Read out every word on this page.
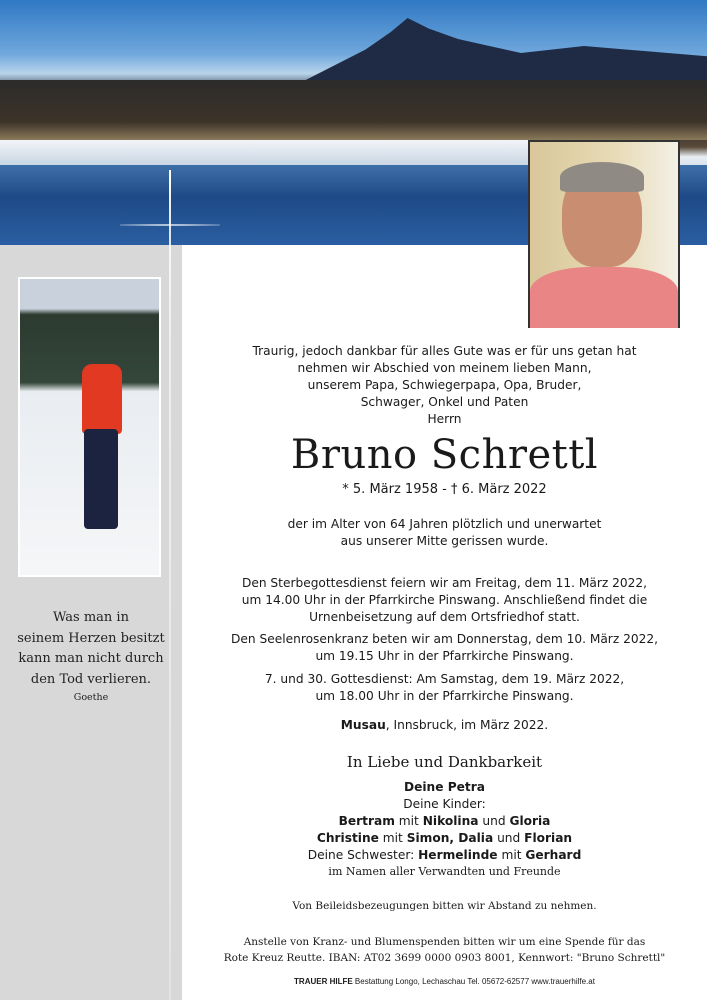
Was man in
seinem Herzen besitzt
kann man nicht durch
den Tod verlieren.
Goethe
Traurig, jedoch dankbar für alles Gute was er für uns getan hat
nehmen wir Abschied von meinem lieben Mann,
unserem Papa, Schwiegerpapa, Opa, Bruder,
Schwager, Onkel und Paten
Herrn
Bruno Schrettl
* 5. März 1958 - † 6. März 2022
der im Alter von 64 Jahren plötzlich und unerwartet
aus unserer Mitte gerissen wurde.
Den Sterbegottesdienst feiern wir am Freitag, dem 11. März 2022,
um 14.00 Uhr in der Pfarrkirche Pinswang. Anschließend findet die
Urnenbeisetzung auf dem Ortsfriedhof statt.
Den Seelenrosenkranz beten wir am Donnerstag, dem 10. März 2022,
um 19.15 Uhr in der Pfarrkirche Pinswang.
7. und 30. Gottesdienst: Am Samstag, dem 19. März 2022,
um 18.00 Uhr in der Pfarrkirche Pinswang.
Musau, Innsbruck, im März 2022.
In Liebe und Dankbarkeit
Deine Petra
Deine Kinder:
Bertram mit Nikolina und Gloria
Christine mit Simon, Dalia und Florian
Deine Schwester: Hermelinde mit Gerhard
im Namen aller Verwandten und Freunde
Von Beileidsbezeugungen bitten wir Abstand zu nehmen.
Anstelle von Kranz- und Blumenspenden bitten wir um eine Spende für das
Rote Kreuz Reutte. IBAN: AT02 3699 0000 0903 8001, Kennwort: "Bruno Schrettl"
TRAUER HILFE Bestattung Longo, Lechaschau Tel. 05672-62577 www.trauerhilfe.at
